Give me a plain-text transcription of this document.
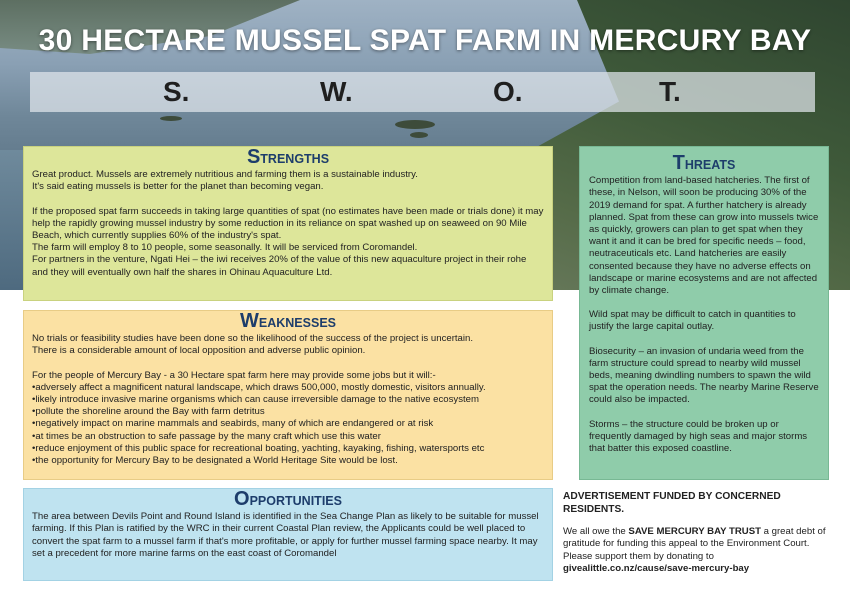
30 HECTARE MUSSEL SPAT FARM IN MERCURY BAY
S.	W.	O.	T.
STRENGTHS

Great product. Mussels are extremely nutritious and farming them is a sustainable industry.
It's said eating mussels is better for the planet than becoming vegan.

If the proposed spat farm succeeds in taking large quantities of spat (no estimates have been made or trials done) it may help the rapidly growing mussel industry by some reduction in its reliance on spat washed up on seaweed on 90 Mile Beach, which currently supplies 60% of the industry's spat.
The farm will employ 8 to 10 people, some seasonally. It will be serviced from Coromandel.
For partners in the venture, Ngati Hei – the iwi receives 20% of the value of this new aquaculture project in their rohe and they will eventually own half the shares in Ohinau Aquaculture Ltd.

WEAKNESSES

No trials or feasibility studies have been done so the likelihood of the success of the project is uncertain.
There is a considerable amount of local opposition and adverse public opinion.

For the people of Mercury Bay - a 30 Hectare spat farm here may provide some jobs but it will:-
• adversely affect a magnificent natural landscape, which draws 500,000, mostly domestic, visitors annually.
• likely introduce invasive marine organisms which can cause irreversible damage to the native ecosystem
• pollute the shoreline around the Bay with farm detritus
• negatively impact on marine mammals and seabirds, many of which are endangered or at risk
• at times be an obstruction to safe passage by the many craft which use this water
• reduce enjoyment of this public space for recreational boating, yachting, kayaking, fishing, watersports etc
• the opportunity for Mercury Bay to be designated a World Heritage Site would be lost.
OPPORTUNITIES
The area between Devils Point and Round Island is identified in the Sea Change Plan as likely to be suitable for mussel farming. If this Plan is ratified by the WRC in their current Coastal Plan review, the Applicants could be well placed to convert the spat farm to a mussel farm if that's more profitable, or apply for further mussel farming space nearby. It may set a precedent for more marine farms on the east coast of Coromandel
THREATS

Competition from land-based hatcheries. The first of these, in Nelson, will soon be producing 30% of the 2019 demand for spat. A further hatchery is already planned. Spat from these can grow into mussels twice as quickly, growers can plan to get spat when they want it and it can be bred for specific needs – food, neutraceuticals etc. Land hatcheries are easily consented because they have no adverse effects on landscape or marine ecosystems and are not affected by climate change.

Wild spat may be difficult to catch in quantities to justify the large capital outlay.

Biosecurity – an invasion of undaria weed from the farm structure could spread to nearby wild mussel beds, meaning dwindling numbers to spawn the wild spat the operation needs. The nearby Marine Reserve could also be impacted.

Storms – the structure could be broken up or frequently damaged by high seas and major storms that batter this exposed coastline.

ADVERTISEMENT FUNDED BY CONCERNED RESIDENTS.
We all owe the SAVE MERCURY BAY TRUST a great debt of gratitude for funding this appeal to the Environment Court. Please support them by donating to
givealittle.co.nz/cause/save-mercury-bay
